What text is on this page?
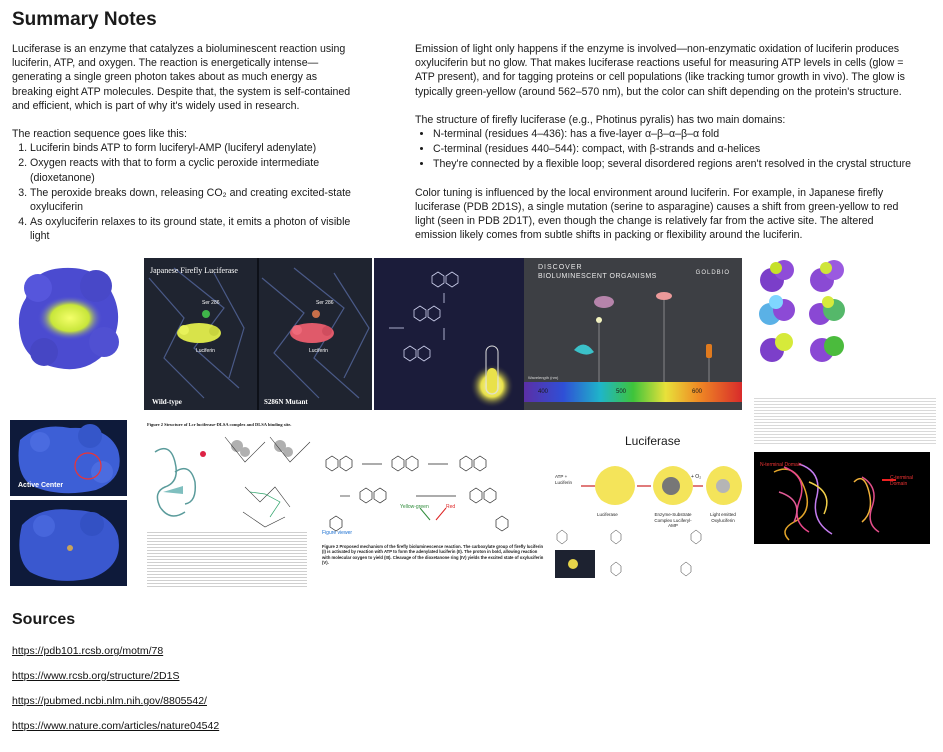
Summary Notes

Luciferase is an enzyme that catalyzes a bioluminescent reaction using luciferin, ATP, and oxygen. The reaction is energetically intense—generating a single green photon takes about as much energy as breaking eight ATP molecules. Despite that, the system is self-contained and efficient, which is part of why it's widely used in research.

The reaction sequence goes like this:
1. Luciferin binds ATP to form luciferyl-AMP (luciferyl adenylate)
2. Oxygen reacts with that to form a cyclic peroxide intermediate (dioxetanone)
3. The peroxide breaks down, releasing CO₂ and creating excited-state oxyluciferin
4. As oxyluciferin relaxes to its ground state, it emits a photon of visible light

Emission of light only happens if the enzyme is involved—non-enzymatic oxidation of luciferin produces oxyluciferin but no glow. That makes luciferase reactions useful for measuring ATP levels in cells (glow = ATP present), and for tagging proteins or cell populations (like tracking tumor growth in vivo). The glow is typically green-yellow (around 562–570 nm), but the color can shift depending on the protein's structure.

The structure of firefly luciferase (e.g., Photinus pyralis) has two main domains:
• N-terminal (residues 4–436): has a five-layer α–β–α–β–α fold
• C-terminal (residues 440–544): compact, with β-strands and α-helices
• They're connected by a flexible loop; several disordered regions aren't resolved in the crystal structure

Color tuning is influenced by the local environment around luciferin. For example, in Japanese firefly luciferase (PDB 2D1S), a single mutation (serine to asparagine) causes a shift from green-yellow to red light (seen in PDB 2D1T), even though the change is relatively far from the active site. The altered emission likely comes from subtle shifts in packing or flexibility around the luciferin.

Japanese Firefly Luciferase
Ser 286	Ser 286
Luciferin	Luciferin
Wild-type	S286N Mutant
DISCOVER
BIOLUMINESCENT ORGANISMS	GOLDBIO
Wavelength (nm)
400	500	600
Active Center
Figure 2 Structure of Lcr luciferase-DLSA complex and DLSA binding site.
Yellow-green	Red
Figure viewer
Figure 2 Proposed mechanism of the firefly bioluminescence reaction. The carboxylate group of firefly luciferin (I) is activated by reaction with ATP to form the adenylated luciferin (II). The proton in bold, allowing reaction with molecular oxygen to yield (III). Cleavage of the dioxetanone ring (IV) yields the excited state of oxyluciferin (V).
Luciferase
ATP + Luciferin
Luciferase	Enzyme-Substrate Complex Luciferyl-AMP
Light emitted Oxyluciferin
+ O₂
N-terminal Domain
C-terminal Domain
Sources
https://pdb101.rcsb.org/motm/78
https://www.rcsb.org/structure/2D1S
https://pubmed.ncbi.nlm.nih.gov/8805542/
https://www.nature.com/articles/nature04542
